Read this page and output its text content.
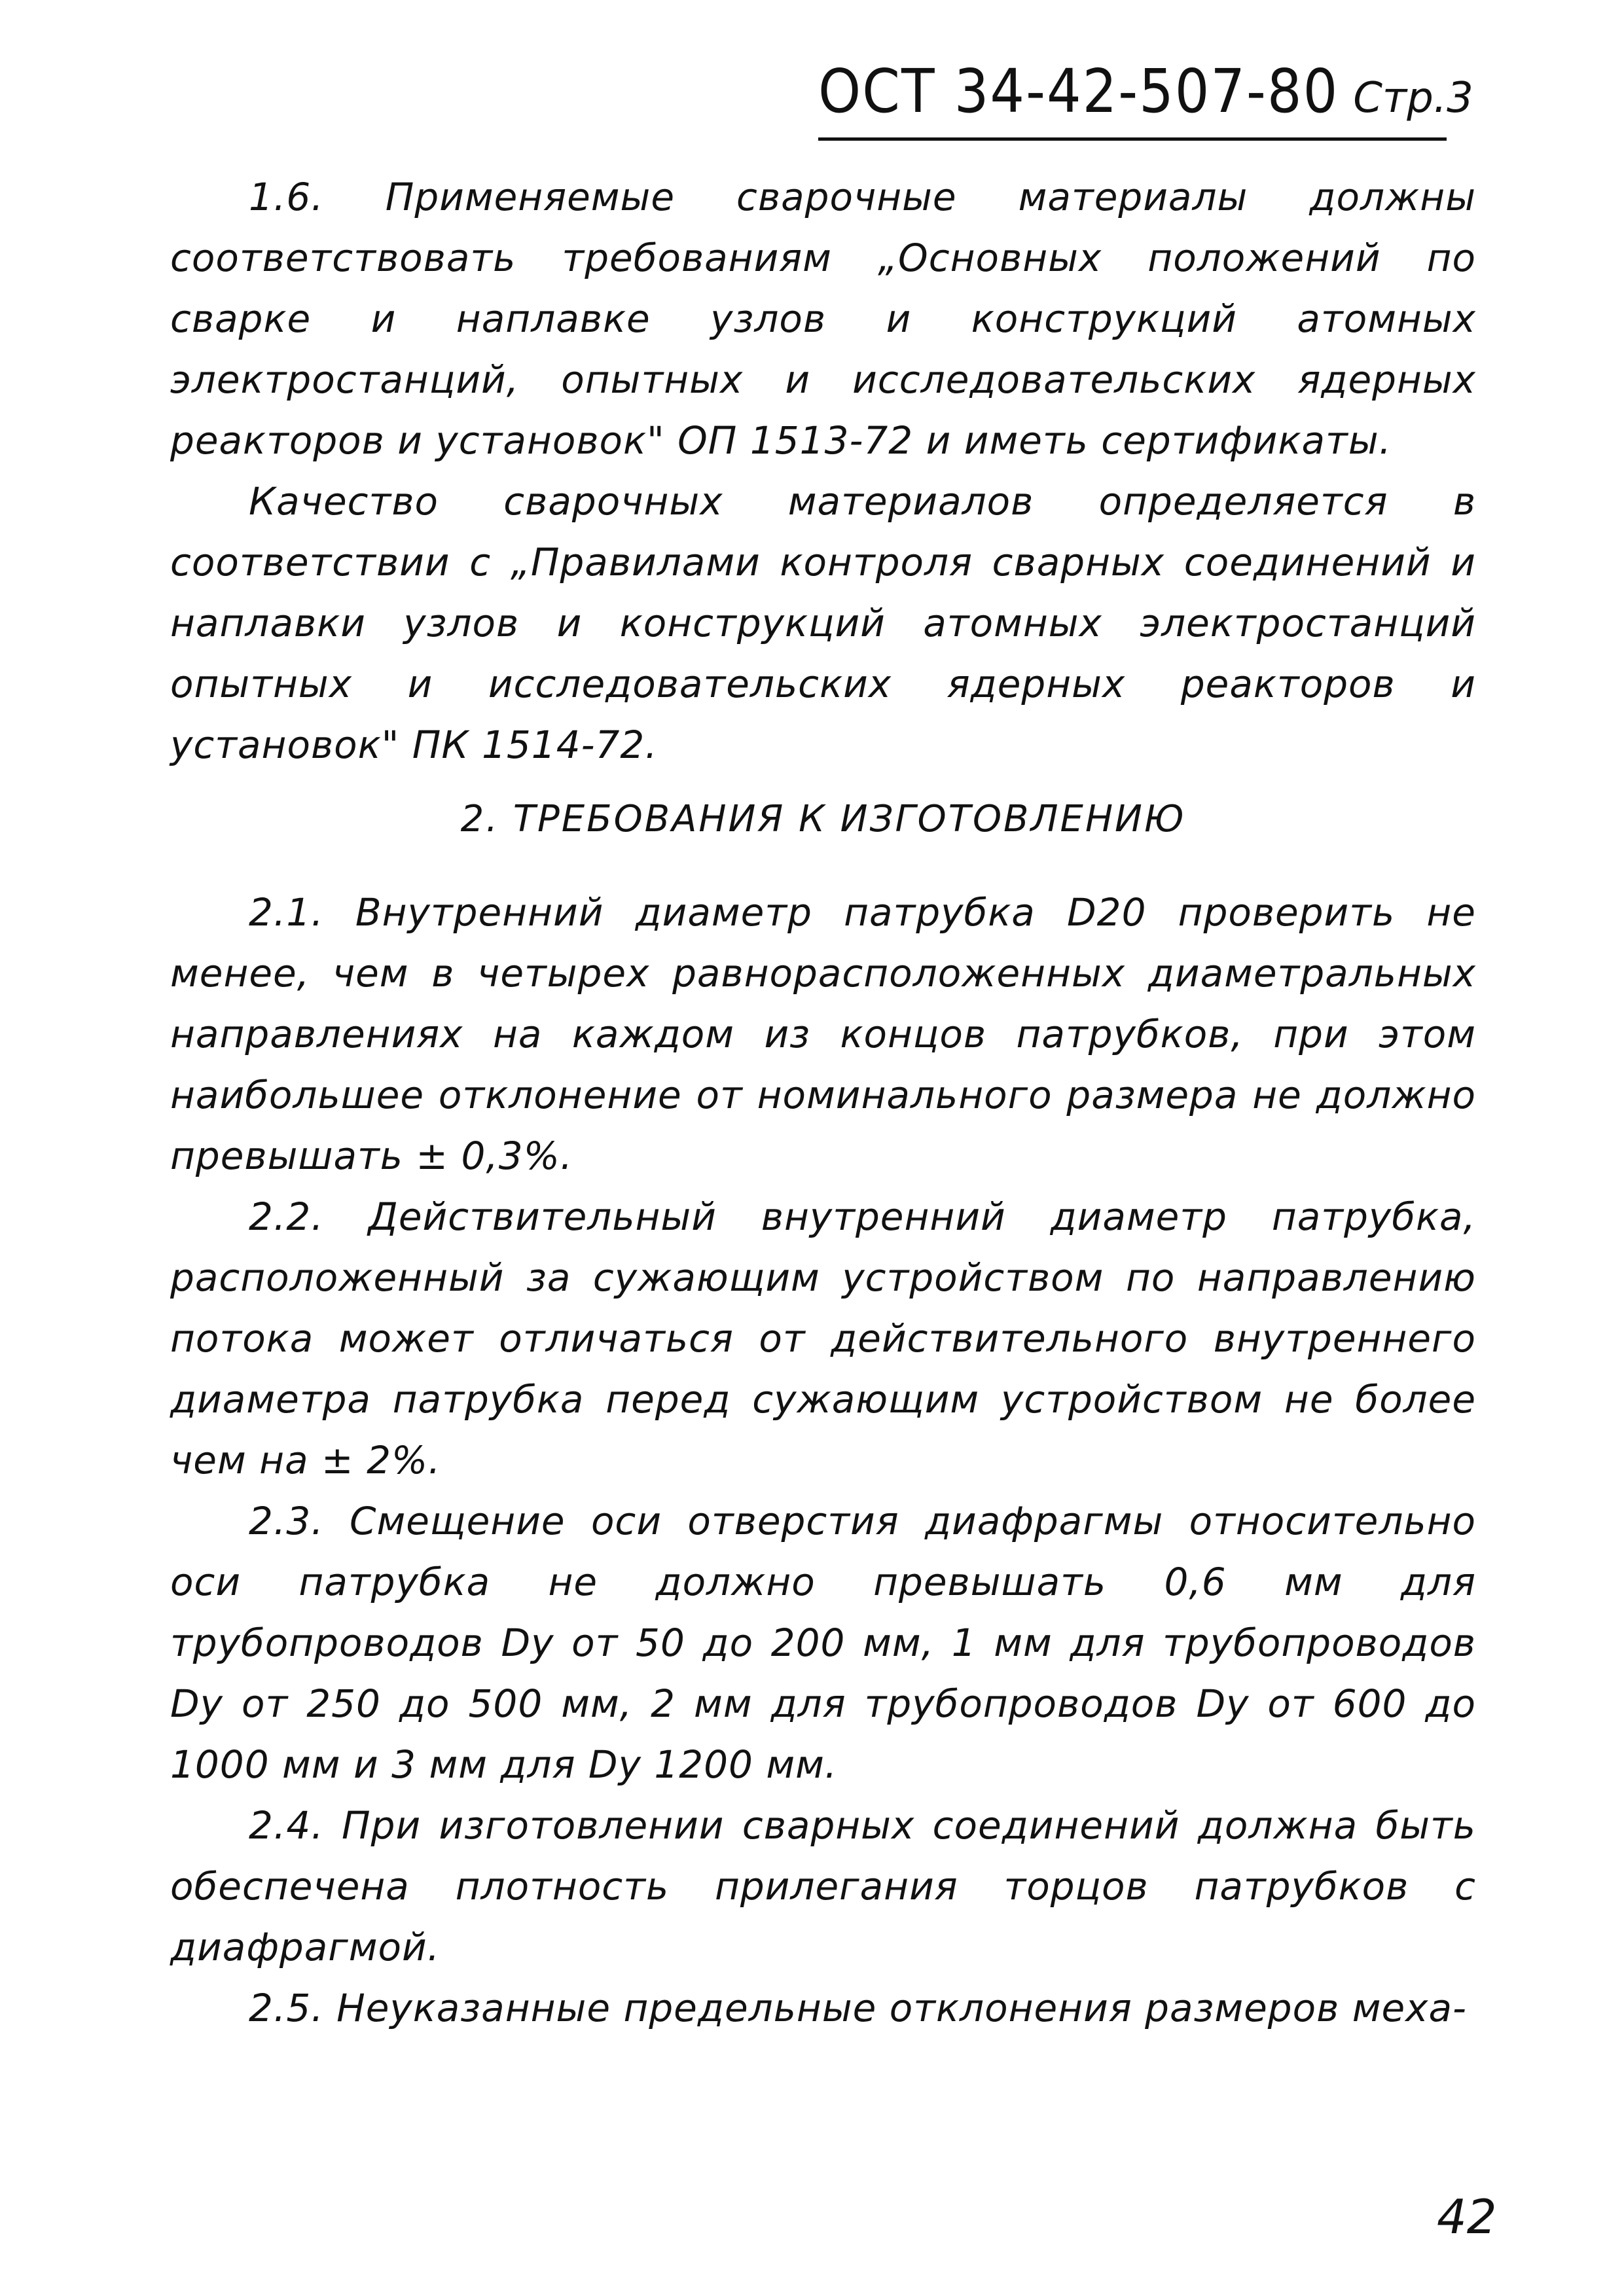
ОСТ 34-42-507-80 Стр.3

1.6. Применяемые сварочные материалы должны соответствовать требованиям „Основных положений по сварке и наплавке узлов и конструкций атомных электростанций, опытных и исследовательских ядерных реакторов и установок" ОП 1513-72 и иметь сертификаты.

Качество сварочных материалов определяется в соответствии с „Правилами контроля сварных соединений и наплавки узлов и конструкций атомных электростанций опытных и исследовательских ядерных реакторов и установок" ПК 1514-72.

2. ТРЕБОВАНИЯ К ИЗГОТОВЛЕНИЮ

2.1. Внутренний диаметр патрубка D20 проверить не менее, чем в четырех равнорасположенных диаметральных направлениях на каждом из концов патрубков, при этом наибольшее отклонение от номинального размера не должно превышать ± 0,3%.

2.2. Действительный внутренний диаметр патрубка, расположенный за сужающим устройством по направлению потока может отличаться от действительного внутреннего диаметра патрубка перед сужающим устройством не более чем на ± 2%.

2.3. Смещение оси отверстия диафрагмы относительно оси патрубка не должно превышать 0,6 мм для трубопроводов Dу от 50 до 200 мм, 1 мм для трубопроводов Dу от 250 до 500 мм, 2 мм для трубопроводов Dу от 600 до 1000 мм и 3 мм для Dу 1200 мм.

2.4. При изготовлении сварных соединений должна быть обеспечена плотность прилегания торцов патрубков с диафрагмой.

2.5. Неуказанные предельные отклонения размеров меха-

42
